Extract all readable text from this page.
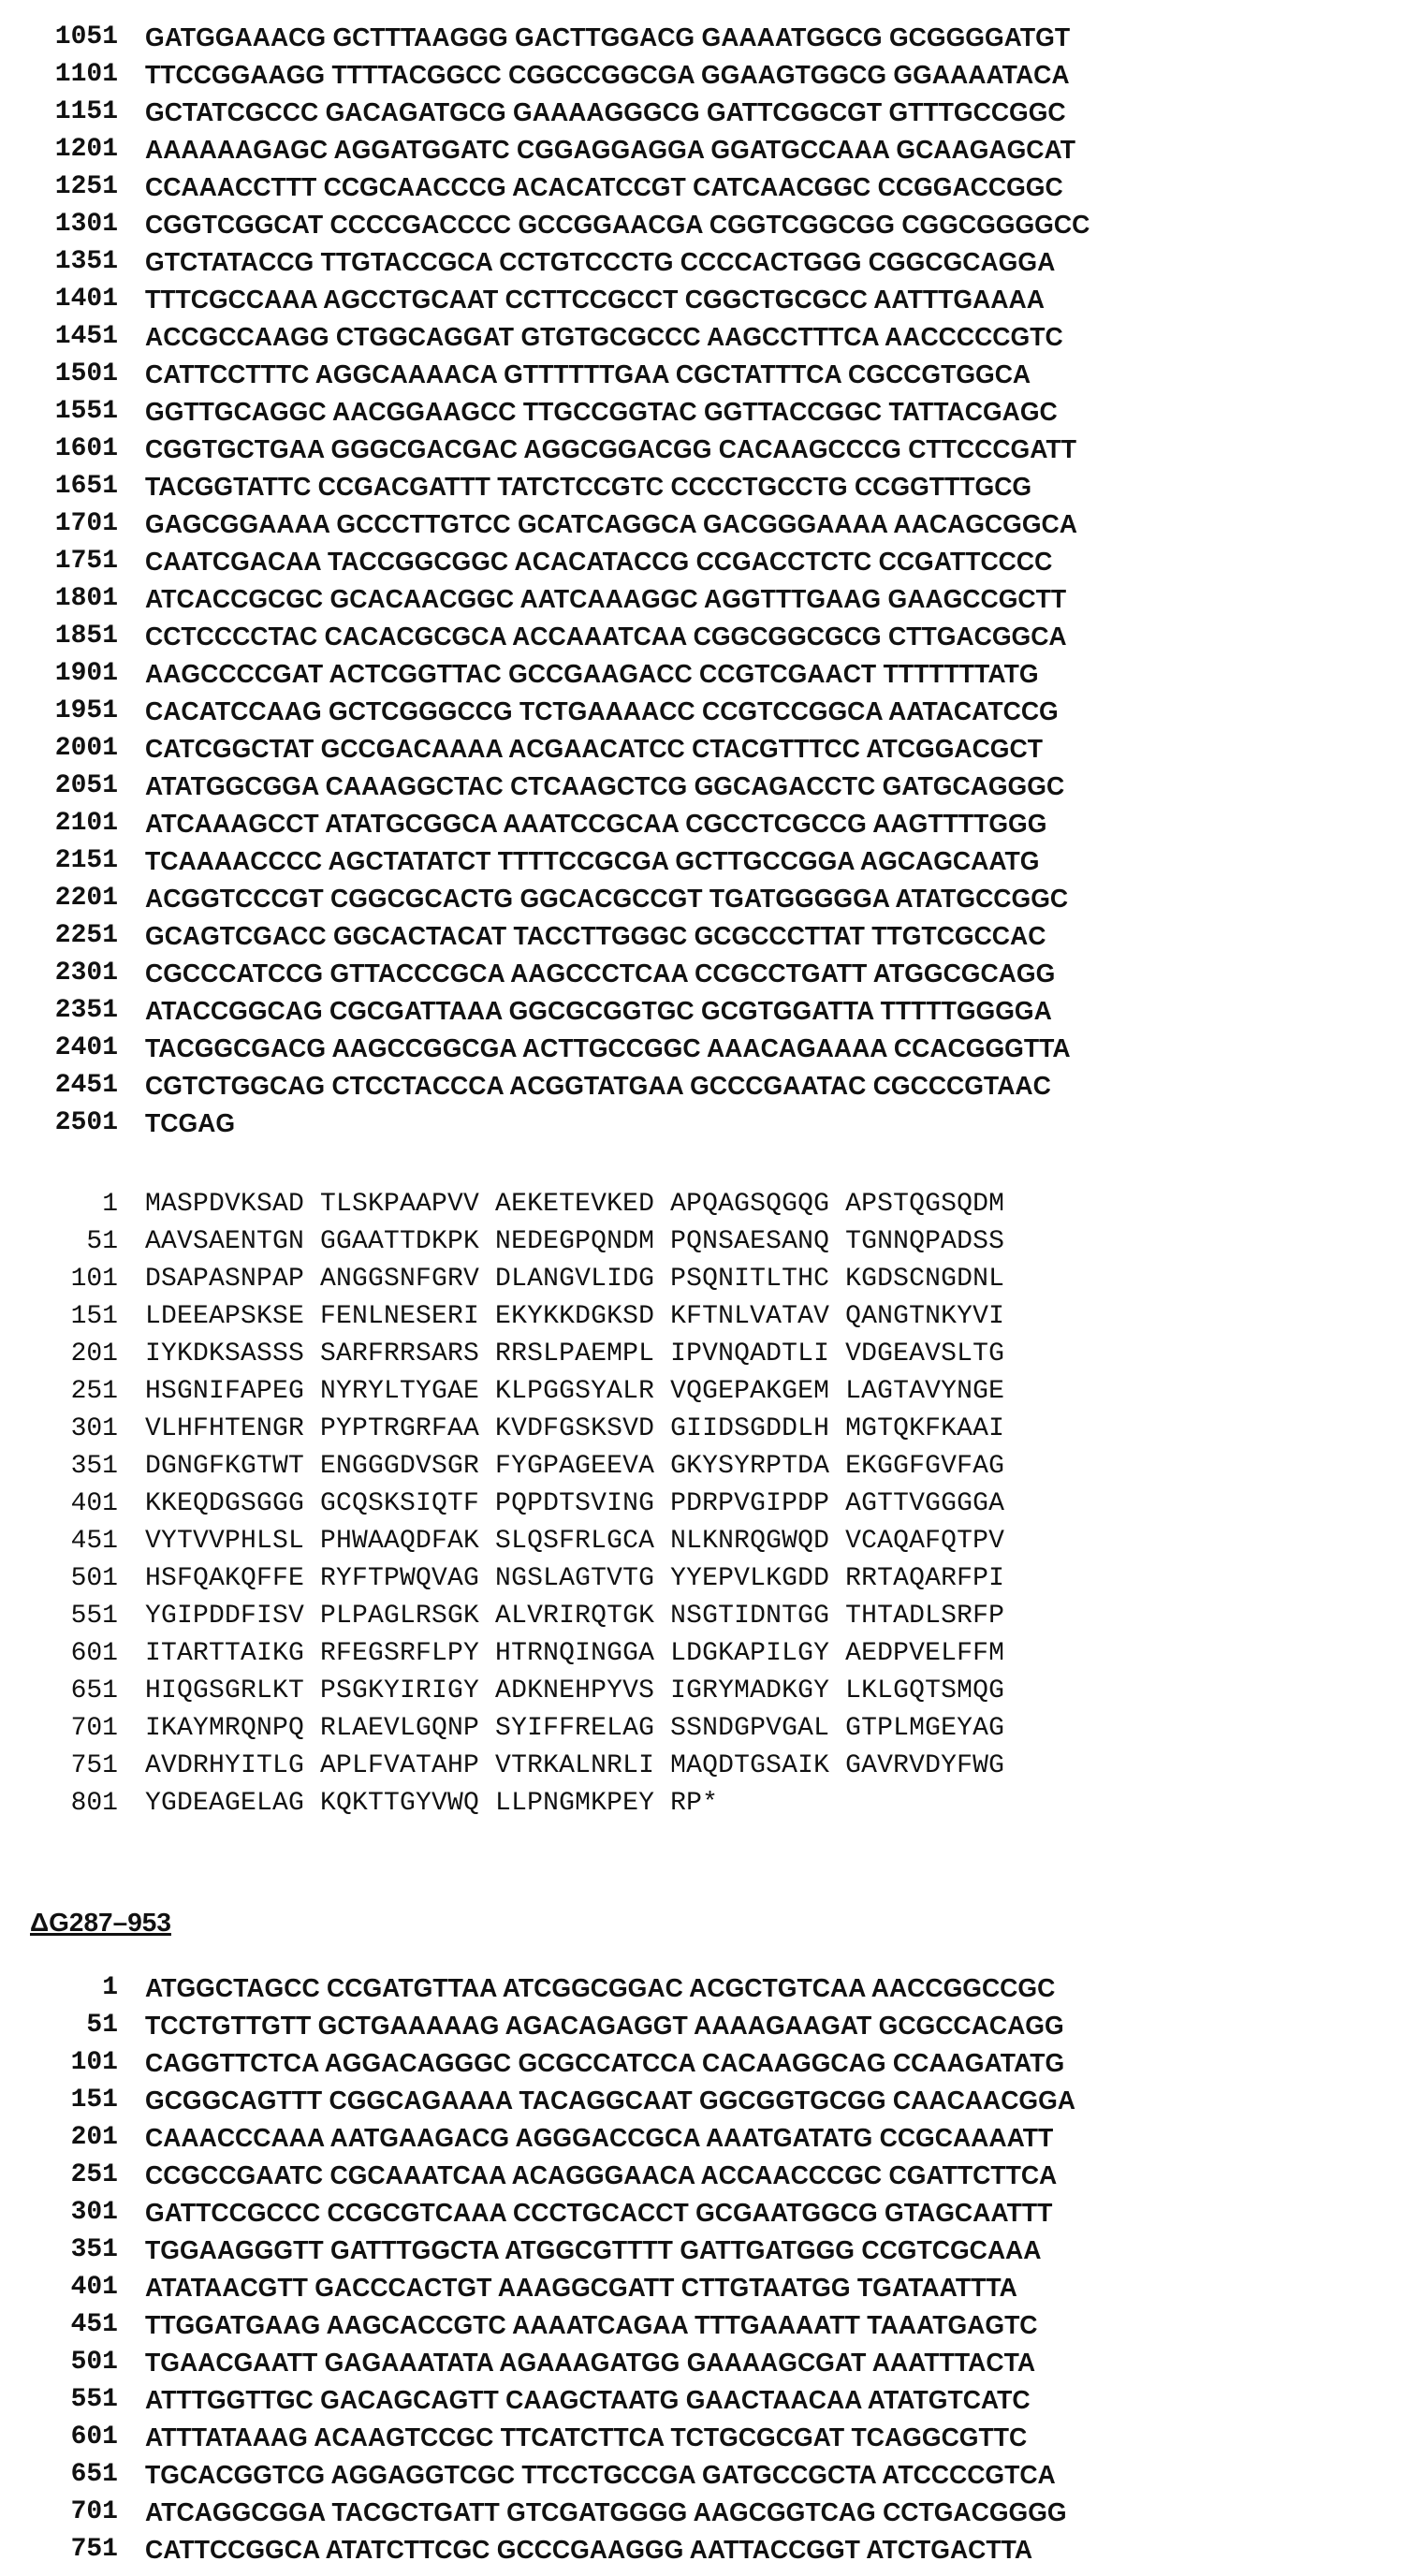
1051 GATGGAAACG GCTTTAAGGG GACTTGGACG GAAAATGGCG GCGGGGATGT
1101 TTCCGGAAGG TTTTACGGCC CGGCCGGCGA GGAAGTGGCG GGAAAATACA
1151 GCTATCGCCC GACAGATGCG GAAAAGGGCG GATTCGGCGT GTTTGCCGGC
1201 AAAAAAGAGC AGGATGGATC CGGAGGAGGA GGATGCCAAA GCAAGAGCAT
1251 CCAAACCTTT CCGCAACCCG ACACATCCGT CATCAACGGC CCGGACCGGC
1301 CGGTCGGCAT CCCCGACCCC GCCGGAACGA CGGTCGGCGG CGGCGGGGCC
1351 GTCTATACCG TTGTACCGCA CCTGTCCCTG CCCCACTGGG CGGCGCAGGA
1401 TTTCGCCAAA AGCCTGCAAT CCTTCCGCCT CGGCTGCGCC AATTTGAAAA
1451 ACCGCCAAGG CTGGCAGGAT GTGTGCGCCC AAGCCTTTCA AACCCCCGTC
1501 CATTCCTTTC AGGCAAAACA GTTTTTTGAA CGCTATTTCA CGCCGTGGCA
1551 GGTTGCAGGC AACGGAAGCC TTGCCGGTAC GGTTACCGGC TATTACGAGC
1601 CGGTGCTGAA GGGCGACGAC AGGCGGACGG CACAAGCCCG CTTCCCGATT
1651 TACGGTATTC CCGACGATTT TATCTCCGTC CCCCTGCCTG CCGGTTTGCG
1701 GAGCGGAAAA GCCCTTGTCC GCATCAGGCA GACGGGAAAA AACAGCGGCA
1751 CAATCGACAA TACCGGCGGC ACACATACCG CCGACCTCTC CCGATTCCCC
1801 ATCACCGCGC GCACAACGGC AATCAAAGGC AGGTTTGAAG GAAGCCGCTT
1851 CCTCCCCTAC CACACGCGCA ACCAAATCAA CGGCGGCGCG CTTGACGGCA
1901 AAGCCCCGAT ACTCGGTTAC GCCGAAGACC CCGTCGAACT TTTTTTTATG
1951 CACATCCAAG GCTCGGGCCG TCTGAAAACC CCGTCCGGCA AATACATCCG
2001 CATCGGCTAT GCCGACAAAA ACGAACATCC CTACGTTTCC ATCGGACGCT
2051 ATATGGCGGA CAAAGGCTAC CTCAAGCTCG GGCAGACCTC GATGCAGGGC
2101 ATCAAAGCCT ATATGCGGCA AAATCCGCAA CGCCTCGCCG AAGTTTTGGG
2151 TCAAAACCCC AGCTATATCT TTTTCCGCGA GCTTGCCGGA AGCAGCAATG
2201 ACGGTCCCGT CGGCGCACTG GGCACGCCGT TGATGGGGGA ATATGCCGGC
2251 GCAGTCGACC GGCACTACAT TACCTTGGGC GCGCCCTTAT TTGTCGCCAC
2301 CGCCCATCCG GTTACCCGCA AAGCCCTCAA CCGCCTGATT ATGGCGCAGG
2351 ATACCGGCAG CGCGATTAAA GGCGCGGTGC GCGTGGATTA TTTTTGGGGA
2401 TACGGCGACG AAGCCGGCGA ACTTGCCGGC AAACAGAAAA CCACGGGTTA
2451 CGTCTGGCAG CTCCTACCCA ACGGTATGAA GCCCGAATAC CGCCCGTAAC
2501 TCGAG
1 MASPDVKSAD TLSKPAAPVV AEKETEVKED APQAGSQGQG APSTQGSQDM
51 AAVSAENTGN GGAATTDKPK NEDEGPQNDM PQNSAESANQ TGNNQPADSS
101 DSAPASNPAP ANGGSNFGRV DLANGVLIDG PSQNITLTHC KGDSCNGDNL
151 LDEEAPSKSE FENLNESERI EKYKKDGKSD KFTNLVATAV QANGTNKYVI
201 IYKDKSASSS SARFRRSARS RRSLPAEMPL IPVNQADTLI VDGEAVSLTG
251 HSGNIFAPEG NYRYLTYGAE KLPGGSYALR VQGEPAKGEM LAGTAVYNGE
301 VLHFHTENGR PYPTRGRFAA KVDFGSKSVD GIIDSGDDLH MGTQKFKAAI
351 DGNGFKGTWT ENGGGDVSGR FYGPAGEEVA GKYSYRPTDA EKGGFGVFAG
401 KKEQDGSGGG GCQSKSIQTF PQPDTSVING PDRPVGIPDP AGTTVGGGGA
451 VYTVVPHLSL PHWAAQDFAK SLQSFRLGCA NLKNRQGWQD VCAQAFQTPV
501 HSFQAKQFFE RYFTPWQVAG NGSLAGTVTG YYEPVLKGDD RRTAQARFPI
551 YGIPDDFISV PLPAGLRSGK ALVRIRQTGK NSGTIDNTGG THTADLSRFP
601 ITARTTAIKG RFEGSRFLPY HTRNQINGGA LDGKAPILGY AEDPVELFFM
651 HIQGSGRLKT PSGKYIRIGY ADKNEHPYVS IGRYMADKGY LKLGQTSMQG
701 IKAYMRQNPQ RLAEVLGQNP SYIFFRELAG SSNDGPVGAL GTPLMGEYAG
751 AVDRHYITLG APLFVATAHP VTRKALNRLI MAQDTGSAIK GAVRVDYFWG
801 YGDEAGELAG KQKTTGYVWQ LLPNGMKPEY RP*
ΔG287–953
1 ATGGCTAGCC CCGATGTTAA ATCGGCGGAC ACGCTGTCAA AACCGGCCGC
51 TCCTGTTGTT GCTGAAAAAG AGACAGAGGT AAAAGAAGAT GCGCCACAGG
101 CAGGTTCTCA AGGACAGGGC GCGCCATCCA CACAAGGCAG CCAAGATATG
151 GCGGCAGTTT CGGCAGAAAA TACAGGCAAT GGCGGTGCGG CAACAACGGA
201 CAAACCCAAA AATGAAGACG AGGGACCGCA AAATGATATG CCGCAAAATT
251 CCGCCGAATC CGCAAATCAA ACAGGGAACA ACCAACCCGC CGATTCTTCA
301 GATTCCGCCC CCGCGTCAAA CCCTGCACCT GCGAATGGCG GTAGCAATTT
351 TGGAAGGGTT GATTTGGCTA ATGGCGTTTT GATTGATGGG CCGTCGCAAA
401 ATATAACGTT GACCCACTGT AAAGGCGATT CTTGTAATGG TGATAATTTA
451 TTGGATGAAG AAGCACCGTC AAAATCAGAA TTTGAAAATT TAAATGAGTC
501 TGAACGAATT GAGAAATATA AGAAAGATGG GAAAAGCGAT AAATTTACTA
551 ATTTGGTTGC GACAGCAGTT CAAGCTAATG GAACTAACAA ATATGTCATC
601 ATTTATAAAG ACAAGTCCGC TTCATCTTCA TCTGCGCGAT TCAGGCGTTC
651 TGCACGGTCG AGGAGGTCGC TTCCTGCCGA GATGCCGCTA ATCCCCGTCA
701 ATCAGGCGGA TACGCTGATT GTCGATGGGG AAGCGGTCAG CCTGACGGGG
751 CATTCCGGCA ATATCTTCGC GCCCGAAGGG AATTACCGGT ATCTGACTTA
